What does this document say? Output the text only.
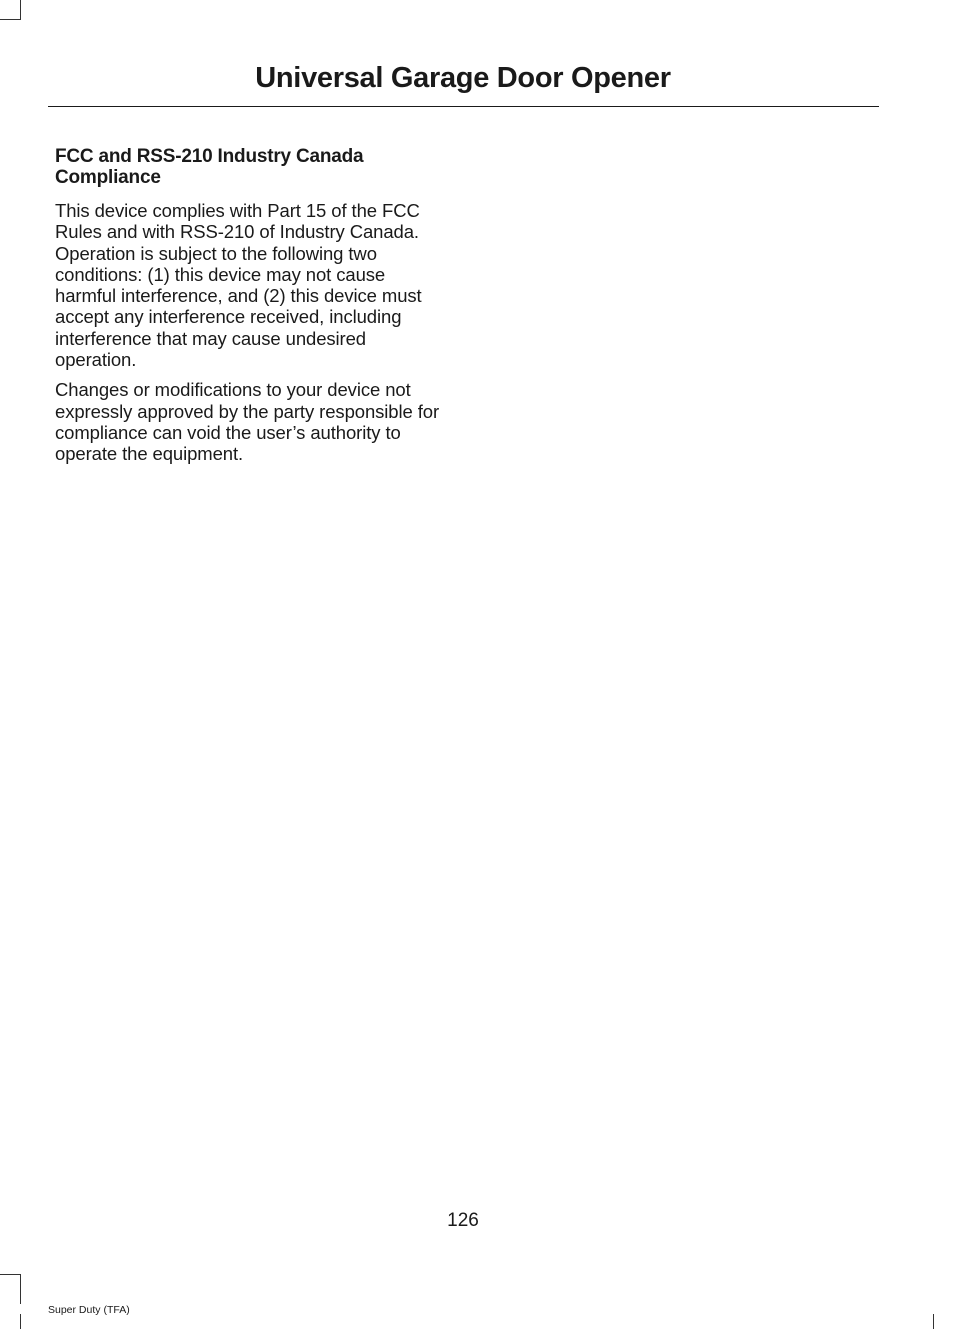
Universal Garage Door Opener
FCC and RSS-210 Industry Canada Compliance

This device complies with Part 15 of the FCC Rules and with RSS-210 of Industry Canada. Operation is subject to the following two conditions: (1) this device may not cause harmful interference, and (2) this device must accept any interference received, including interference that may cause undesired operation.

Changes or modifications to your device not expressly approved by the party responsible for compliance can void the user’s authority to operate the equipment.

126
Super Duty (TFA)
